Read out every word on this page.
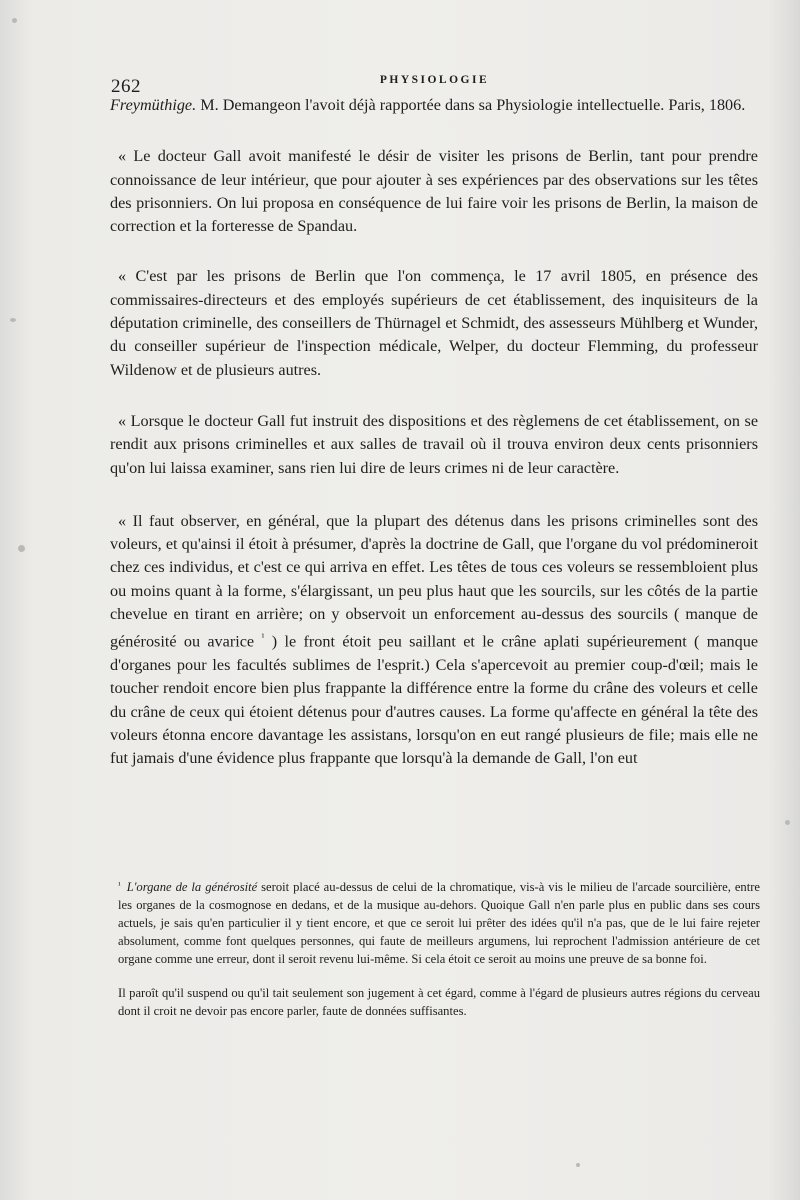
262	PHYSIOLOGIE

Freymüthige. M. Demangeon l'avoit déjà rapportée dans sa Physiologie intellectuelle. Paris, 1806.

« Le docteur Gall avoit manifesté le désir de visiter les prisons de Berlin, tant pour prendre connoissance de leur intérieur, que pour ajouter à ses expériences par des observations sur les têtes des prisonniers. On lui proposa en conséquence de lui faire voir les prisons de Berlin, la maison de correction et la forteresse de Spandau.

« C'est par les prisons de Berlin que l'on commença, le 17 avril 1805, en présence des commissaires-directeurs et des employés supérieurs de cet établissement, des inquisiteurs de la députation criminelle, des conseillers de Thürnagel et Schmidt, des assesseurs Mühlberg et Wunder, du conseiller supérieur de l'inspection médicale, Welper, du docteur Flemming, du professeur Wildenow et de plusieurs autres.

« Lorsque le docteur Gall fut instruit des dispositions et des règlemens de cet établissement, on se rendit aux prisons criminelles et aux salles de travail où il trouva environ deux cents prisonniers qu'on lui laissa examiner, sans rien lui dire de leurs crimes ni de leur caractère.

« Il faut observer, en général, que la plupart des détenus dans les prisons criminelles sont des voleurs, et qu'ainsi il étoit à présumer, d'après la doctrine de Gall, que l'organe du vol prédomineroit chez ces individus, et c'est ce qui arriva en effet. Les têtes de tous ces voleurs se ressembloient plus ou moins quant à la forme, s'élargissant, un peu plus haut que les sourcils, sur les côtés de la partie chevelue en tirant en arrière; on y observoit un enforcement au-dessus des sourcils ( manque de générosité ou avarice $^{^1}$ ) le front étoit peu saillant et le crâne aplati supérieurement ( manque d'organes pour les facultés sublimes de l'esprit.) Cela s'apercevoit au premier coup-d'œil; mais le toucher rendoit encore bien plus frappante la différence entre la forme du crâne des voleurs et celle du crâne de ceux qui étoient détenus pour d'autres causes. La forme qu'affecte en général la tête des voleurs étonna encore davantage les assistans, lorsqu'on en eut rangé plusieurs de file; mais elle ne fut jamais d'une évidence plus frappante que lorsqu'à la demande de Gall, l'on eut

$^{^1}$ L'organe de la générosité seroit placé au-dessus de celui de la chromatique, vis-à vis le milieu de l'arcade sourcilière, entre les organes de la cosmognose en dedans, et de la musique au-dehors. Quoique Gall n'en parle plus en public dans ses cours actuels, je sais qu'en particulier il y tient encore, et que ce seroit lui prêter des idées qu'il n'a pas, que de le lui faire rejeter absolument, comme font quelques personnes, qui faute de meilleurs argumens, lui reprochent l'admission antérieure de cet organe comme une erreur, dont il seroit revenu lui-même. Si cela étoit ce seroit au moins une preuve de sa bonne foi.

Il paroît qu'il suspend ou qu'il tait seulement son jugement à cet égard, comme à l'égard de plusieurs autres régions du cerveau dont il croit ne devoir pas encore parler, faute de données suffisantes.
